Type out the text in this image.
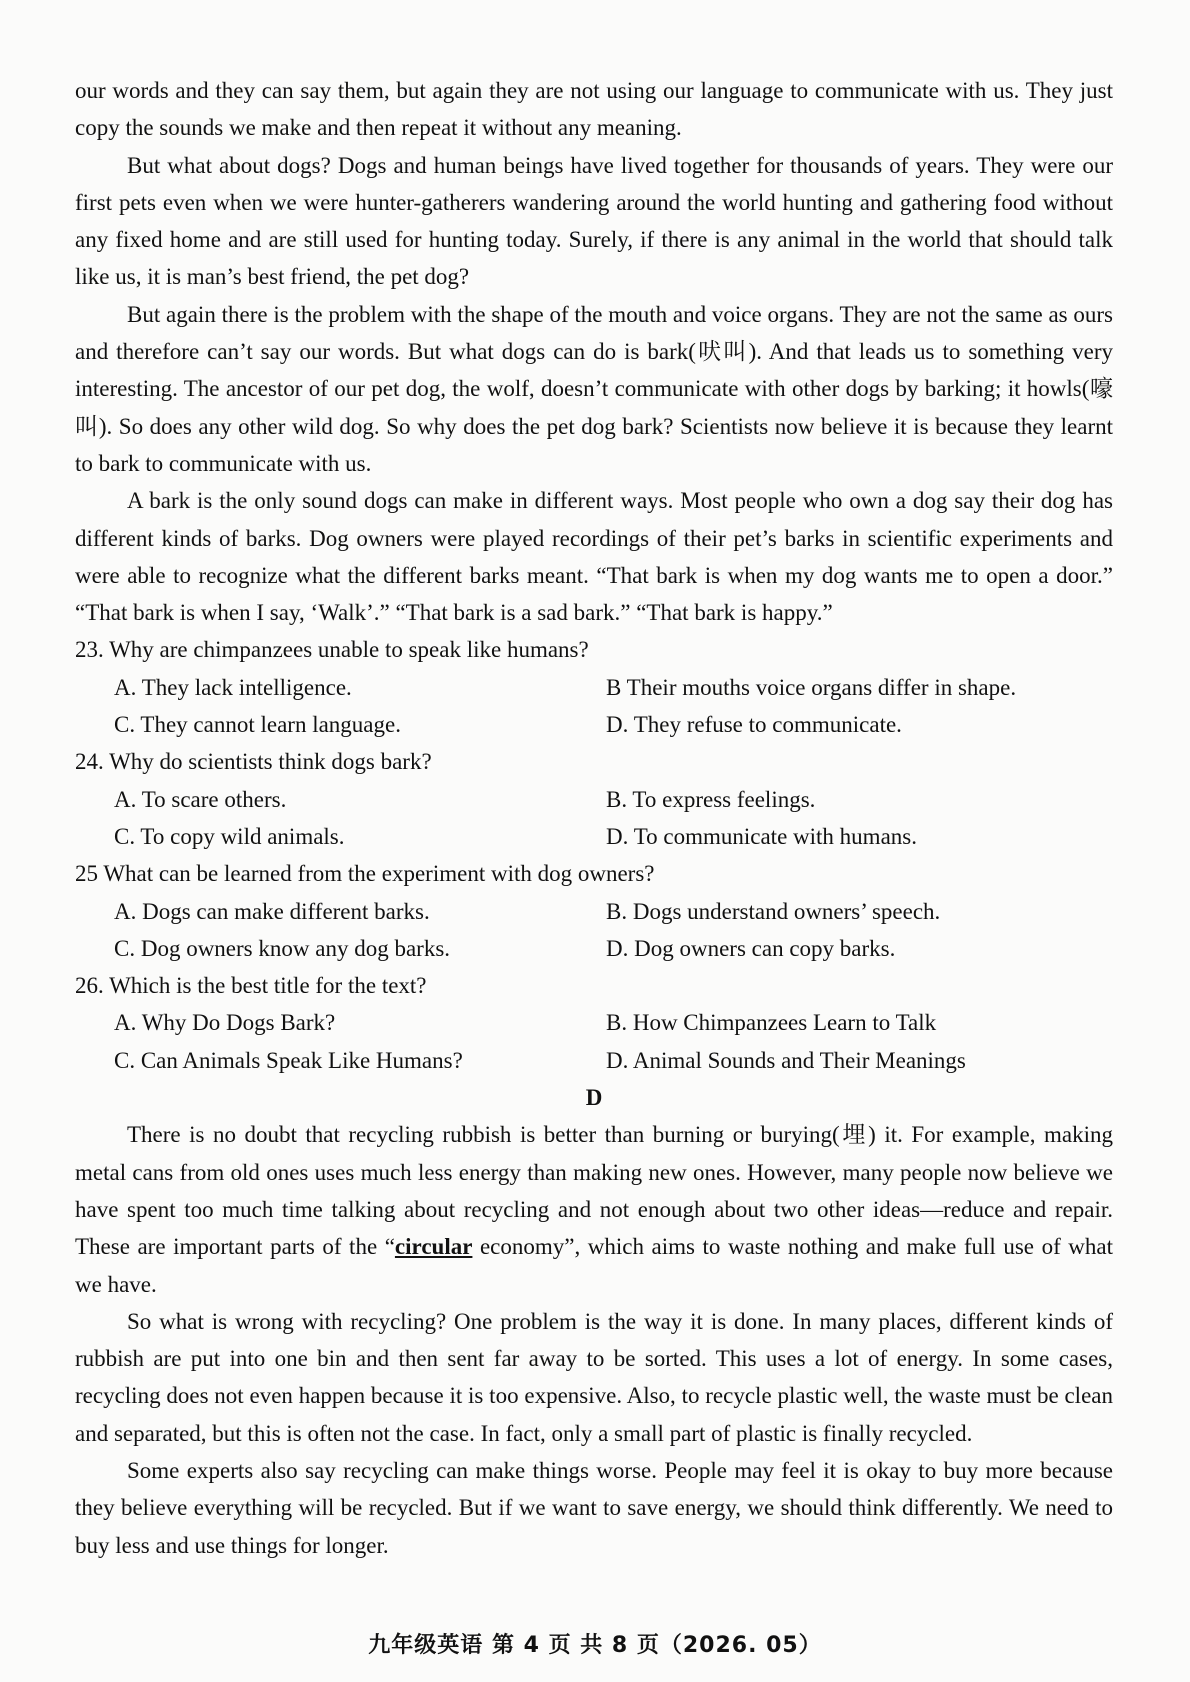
our words and they can say them, but again they are not using our language to communicate with us. They just copy the sounds we make and then repeat it without any meaning.

But what about dogs? Dogs and human beings have lived together for thousands of years. They were our first pets even when we were hunter-gatherers wandering around the world hunting and gathering food without any fixed home and are still used for hunting today. Surely, if there is any animal in the world that should talk like us, it is man’s best friend, the pet dog?

But again there is the problem with the shape of the mouth and voice organs. They are not the same as ours and therefore can’t say our words. But what dogs can do is bark(吠叫). And that leads us to something very interesting. The ancestor of our pet dog, the wolf, doesn’t communicate with other dogs by barking; it howls(嚎叫). So does any other wild dog. So why does the pet dog bark? Scientists now believe it is because they learnt to bark to communicate with us.

A bark is the only sound dogs can make in different ways. Most people who own a dog say their dog has different kinds of barks. Dog owners were played recordings of their pet’s barks in scientific experiments and were able to recognize what the different barks meant. “That bark is when my dog wants me to open a door.” “That bark is when I say, ‘Walk’.” “That bark is a sad bark.” “That bark is happy.”

23. Why are chimpanzees unable to speak like humans?
A. They lack intelligence.	B Their mouths voice organs differ in shape.
C. They cannot learn language.	D. They refuse to communicate.
24. Why do scientists think dogs bark?
A. To scare others.	B. To express feelings.
C. To copy wild animals.	D. To communicate with humans.
25 What can be learned from the experiment with dog owners?
A. Dogs can make different barks.	B. Dogs understand owners’ speech.
C. Dog owners know any dog barks.	D. Dog owners can copy barks.
26. Which is the best title for the text?
A. Why Do Dogs Bark?	B. How Chimpanzees Learn to Talk
C. Can Animals Speak Like Humans?	D. Animal Sounds and Their Meanings
D

There is no doubt that recycling rubbish is better than burning or burying(埋) it. For example, making metal cans from old ones uses much less energy than making new ones. However, many people now believe we have spent too much time talking about recycling and not enough about two other ideas—reduce and repair. These are important parts of the “circular economy”, which aims to waste nothing and make full use of what we have.

So what is wrong with recycling? One problem is the way it is done. In many places, different kinds of rubbish are put into one bin and then sent far away to be sorted. This uses a lot of energy. In some cases, recycling does not even happen because it is too expensive. Also, to recycle plastic well, the waste must be clean and separated, but this is often not the case. In fact, only a small part of plastic is finally recycled.

Some experts also say recycling can make things worse. People may feel it is okay to buy more because they believe everything will be recycled. But if we want to save energy, we should think differently. We need to buy less and use things for longer.

九年级英语 第 4 页 共 8 页（2026. 05）
